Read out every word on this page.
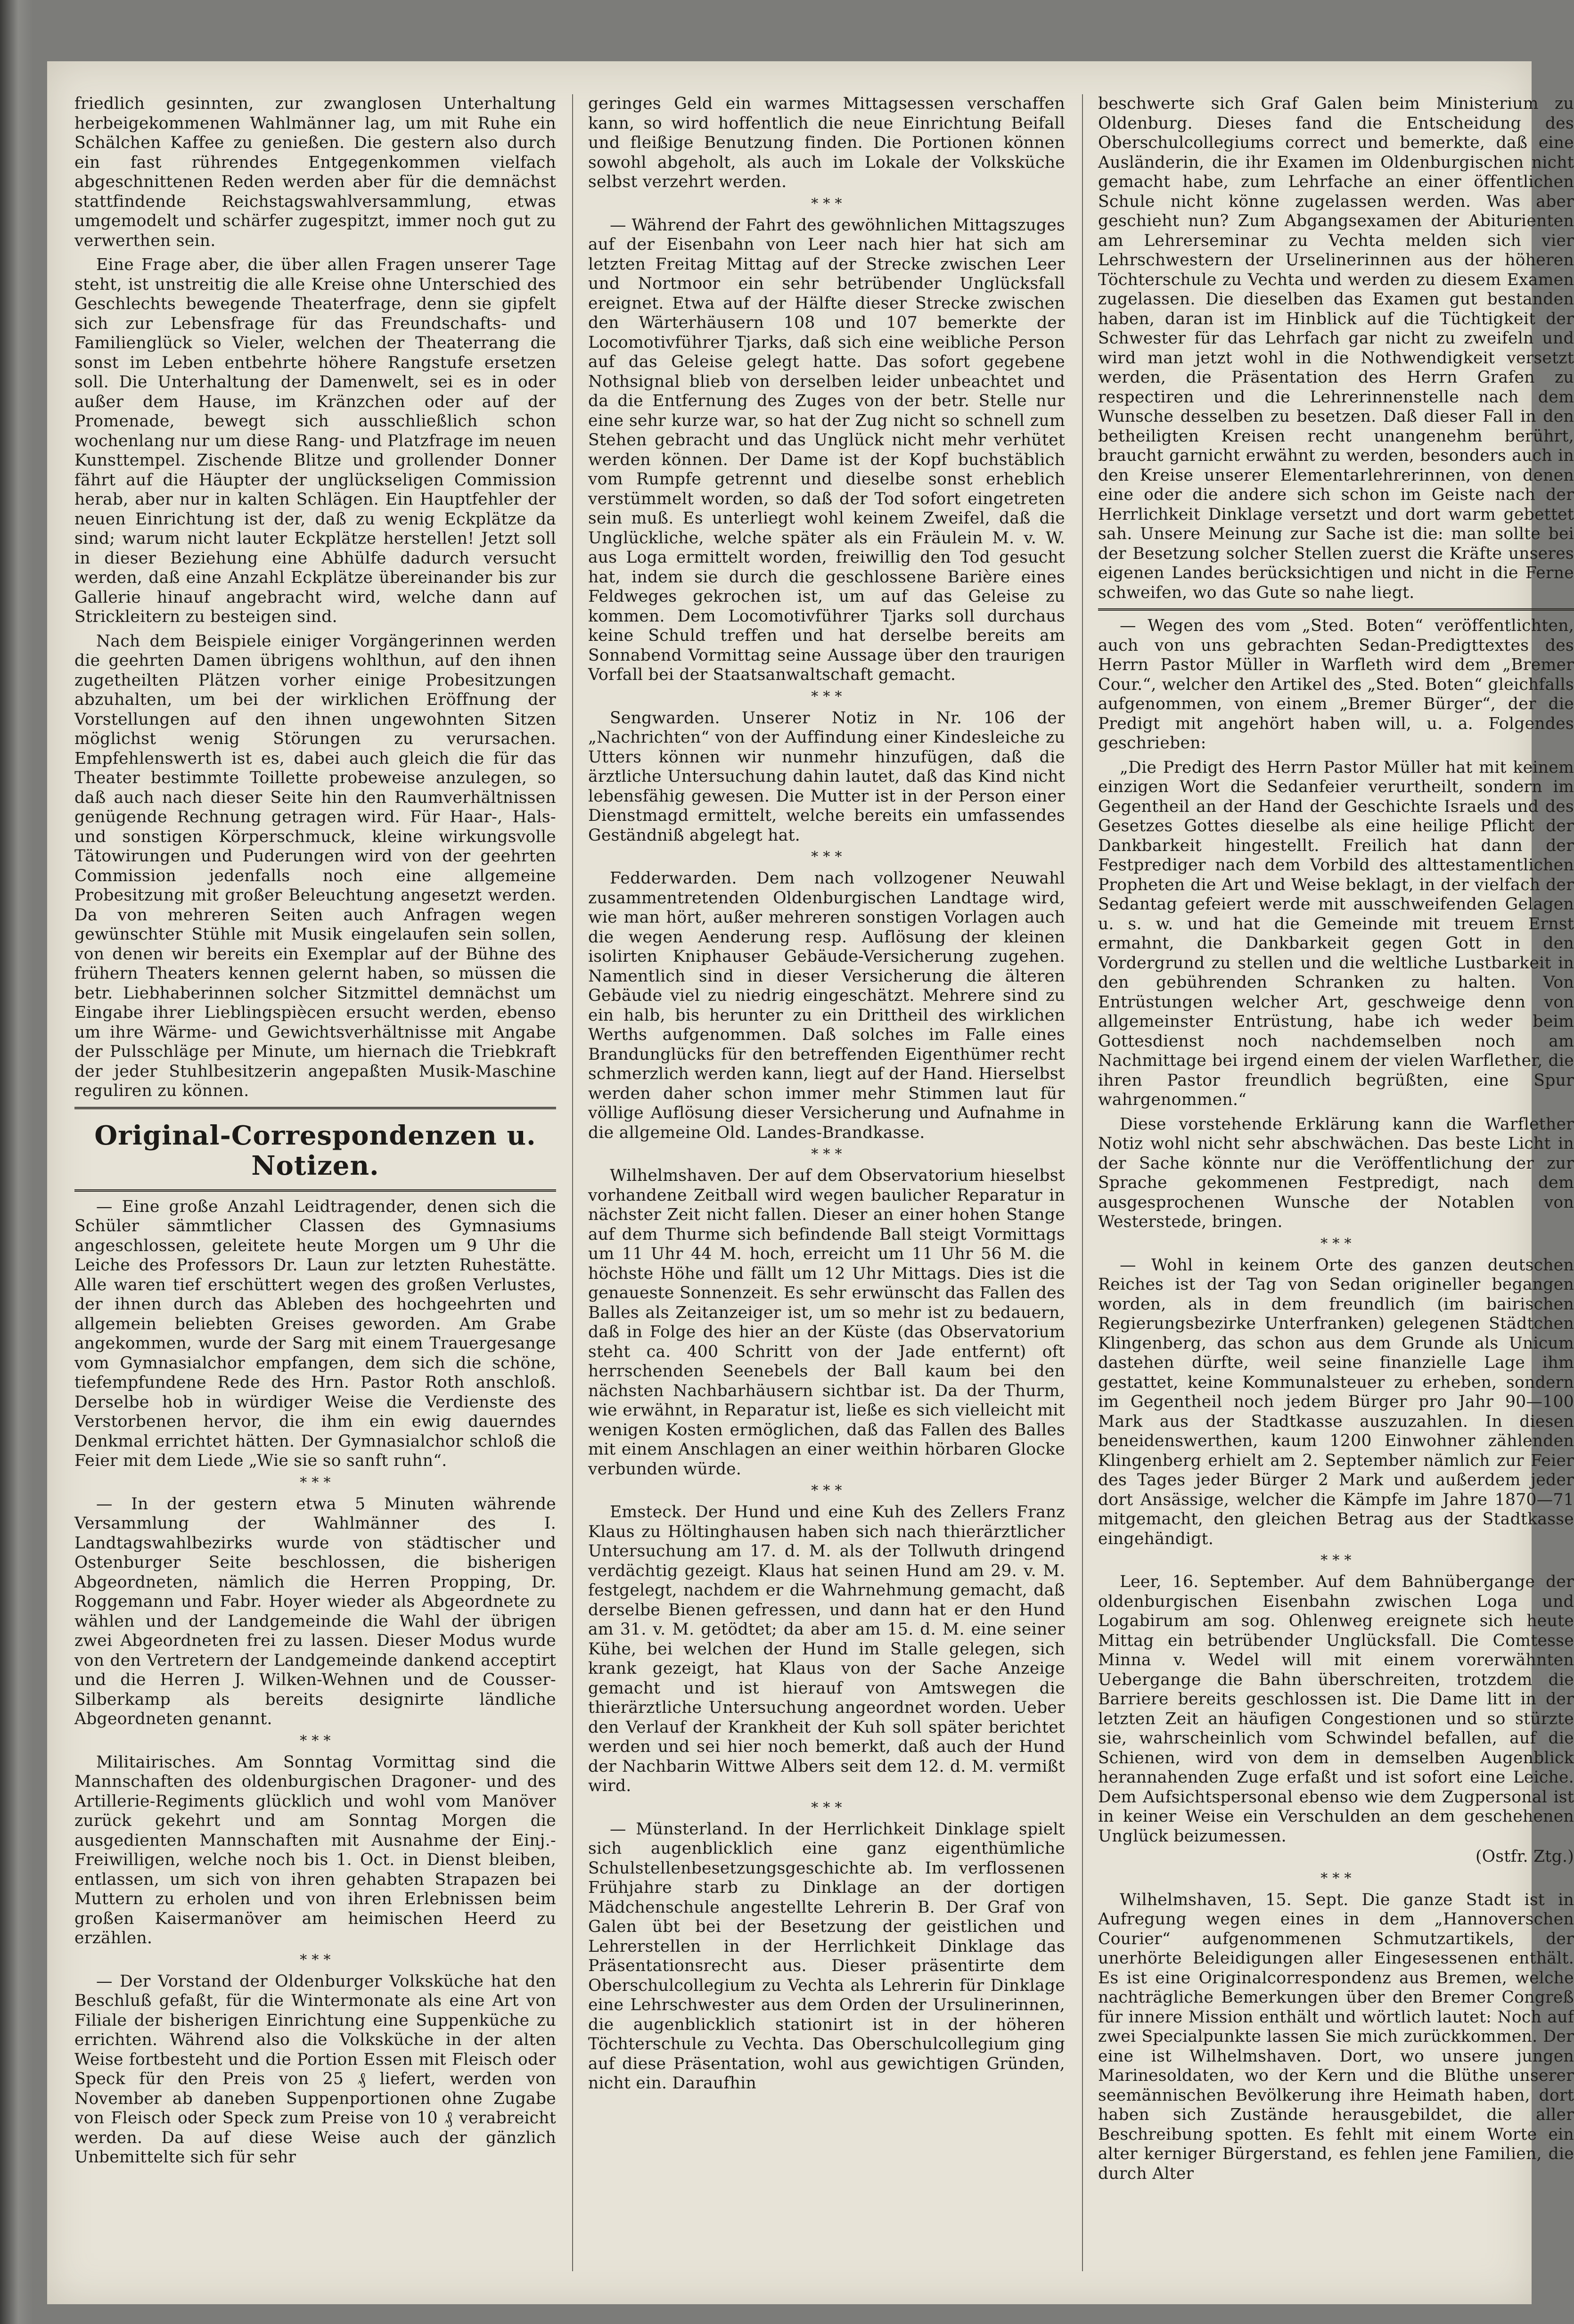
friedlich gesinnten, zur zwanglosen Unterhaltung herbeigekommenen Wahlmänner lag, um mit Ruhe ein Schälchen Kaffee zu genießen. Die gestern also durch ein fast rührendes Entgegenkommen vielfach abgeschnittenen Reden werden aber für die demnächst stattfindende Reichstagswahlversammlung, etwas umgemodelt und schärfer zugespitzt, immer noch gut zu verwerthen sein.

Eine Frage aber, die über allen Fragen unserer Tage steht, ist unstreitig die alle Kreise ohne Unterschied des Geschlechts bewegende Theaterfrage, denn sie gipfelt sich zur Lebensfrage für das Freundschafts- und Familienglück so Vieler, welchen der Theaterrang die sonst im Leben entbehrte höhere Rangstufe ersetzen soll. Die Unterhaltung der Damenwelt, sei es in oder außer dem Hause, im Kränzchen oder auf der Promenade, bewegt sich ausschließlich schon wochenlang nur um diese Rang- und Platzfrage im neuen Kunsttempel. Zischende Blitze und grollender Donner fährt auf die Häupter der unglückseligen Commission herab, aber nur in kalten Schlägen. Ein Hauptfehler der neuen Einrichtung ist der, daß zu wenig Eckplätze da sind; warum nicht lauter Eckplätze herstellen! Jetzt soll in dieser Beziehung eine Abhülfe dadurch versucht werden, daß eine Anzahl Eckplätze übereinander bis zur Gallerie hinauf angebracht wird, welche dann auf Strickleitern zu besteigen sind.

Nach dem Beispiele einiger Vorgängerinnen werden die geehrten Damen übrigens wohlthun, auf den ihnen zugetheilten Plätzen vorher einige Probesitzungen abzuhalten, um bei der wirklichen Eröffnung der Vorstellungen auf den ihnen ungewohnten Sitzen möglichst wenig Störungen zu verursachen. Empfehlenswerth ist es, dabei auch gleich die für das Theater bestimmte Toillette probeweise anzulegen, so daß auch nach dieser Seite hin den Raumverhältnissen genügende Rechnung getragen wird. Für Haar-, Hals- und sonstigen Körperschmuck, kleine wirkungsvolle Tätowirungen und Puderungen wird von der geehrten Commission jedenfalls noch eine allgemeine Probesitzung mit großer Beleuchtung angesetzt werden. Da von mehreren Seiten auch Anfragen wegen gewünschter Stühle mit Musik eingelaufen sein sollen, von denen wir bereits ein Exemplar auf der Bühne des frühern Theaters kennen gelernt haben, so müssen die betr. Liebhaberinnen solcher Sitzmittel demnächst um Eingabe ihrer Lieblingspiècen ersucht werden, ebenso um ihre Wärme- und Gewichtsverhältnisse mit Angabe der Pulsschläge per Minute, um hiernach die Triebkraft der jeder Stuhlbesitzerin angepaßten Musik-Maschine reguliren zu können.

Original-Correspondenzen u. Notizen.

— Eine große Anzahl Leidtragender, denen sich die Schüler sämmtlicher Classen des Gymnasiums angeschlossen, geleitete heute Morgen um 9 Uhr die Leiche des Professors Dr. Laun zur letzten Ruhestätte. Alle waren tief erschüttert wegen des großen Verlustes, der ihnen durch das Ableben des hochgeehrten und allgemein beliebten Greises geworden. Am Grabe angekommen, wurde der Sarg mit einem Trauergesange vom Gymnasialchor empfangen, dem sich die schöne, tiefempfundene Rede des Hrn. Pastor Roth anschloß. Derselbe hob in würdiger Weise die Verdienste des Verstorbenen hervor, die ihm ein ewig dauerndes Denkmal errichtet hätten. Der Gymnasialchor schloß die Feier mit dem Liede „Wie sie so sanft ruhn“.

* * *

— In der gestern etwa 5 Minuten währende Versammlung der Wahlmänner des I. Landtagswahlbezirks wurde von städtischer und Ostenburger Seite beschlossen, die bisherigen Abgeordneten, nämlich die Herren Propping, Dr. Roggemann und Fabr. Hoyer wieder als Abgeordnete zu wählen und der Landgemeinde die Wahl der übrigen zwei Abgeordneten frei zu lassen. Dieser Modus wurde von den Vertretern der Landgemeinde dankend acceptirt und die Herren J. Wilken-Wehnen und de Cousser-Silberkamp als bereits designirte ländliche Abgeordneten genannt.

* * *

Militairisches. Am Sonntag Vormittag sind die Mannschaften des oldenburgischen Dragoner- und des Artillerie-Regiments glücklich und wohl vom Manöver zurück gekehrt und am Sonntag Morgen die ausgedienten Mannschaften mit Ausnahme der Einj.-Freiwilligen, welche noch bis 1. Oct. in Dienst bleiben, entlassen, um sich von ihren gehabten Strapazen bei Muttern zu erholen und von ihren Erlebnissen beim großen Kaisermanöver am heimischen Heerd zu erzählen.

* * *

— Der Vorstand der Oldenburger Volksküche hat den Beschluß gefaßt, für die Wintermonate als eine Art von Filiale der bisherigen Einrichtung eine Suppenküche zu errichten. Während also die Volksküche in der alten Weise fortbesteht und die Portion Essen mit Fleisch oder Speck für den Preis von 25 ₰ liefert, werden von November ab daneben Suppenportionen ohne Zugabe von Fleisch oder Speck zum Preise von 10 ₰ verabreicht werden. Da auf diese Weise auch der gänzlich Unbemittelte sich für sehr

geringes Geld ein warmes Mittagsessen verschaffen kann, so wird hoffentlich die neue Einrichtung Beifall und fleißige Benutzung finden. Die Portionen können sowohl abgeholt, als auch im Lokale der Volksküche selbst verzehrt werden.

* * *

— Während der Fahrt des gewöhnlichen Mittagszuges auf der Eisenbahn von Leer nach hier hat sich am letzten Freitag Mittag auf der Strecke zwischen Leer und Nortmoor ein sehr betrübender Unglücksfall ereignet. Etwa auf der Hälfte dieser Strecke zwischen den Wärterhäusern 108 und 107 bemerkte der Locomotivführer Tjarks, daß sich eine weibliche Person auf das Geleise gelegt hatte. Das sofort gegebene Nothsignal blieb von derselben leider unbeachtet und da die Entfernung des Zuges von der betr. Stelle nur eine sehr kurze war, so hat der Zug nicht so schnell zum Stehen gebracht und das Unglück nicht mehr verhütet werden können. Der Dame ist der Kopf buchstäblich vom Rumpfe getrennt und dieselbe sonst erheblich verstümmelt worden, so daß der Tod sofort eingetreten sein muß. Es unterliegt wohl keinem Zweifel, daß die Unglückliche, welche später als ein Fräulein M. v. W. aus Loga ermittelt worden, freiwillig den Tod gesucht hat, indem sie durch die geschlossene Barière eines Feldweges gekrochen ist, um auf das Geleise zu kommen. Dem Locomotivführer Tjarks soll durchaus keine Schuld treffen und hat derselbe bereits am Sonnabend Vormittag seine Aussage über den traurigen Vorfall bei der Staatsanwaltschaft gemacht.

* * *

Sengwarden. Unserer Notiz in Nr. 106 der „Nachrichten“ von der Auffindung einer Kindesleiche zu Utters können wir nunmehr hinzufügen, daß die ärztliche Untersuchung dahin lautet, daß das Kind nicht lebensfähig gewesen. Die Mutter ist in der Person einer Dienstmagd ermittelt, welche bereits ein umfassendes Geständniß abgelegt hat.

* * *

Fedderwarden. Dem nach vollzogener Neuwahl zusammentretenden Oldenburgischen Landtage wird, wie man hört, außer mehreren sonstigen Vorlagen auch die wegen Aenderung resp. Auflösung der kleinen isolirten Kniphauser Gebäude-Versicherung zugehen. Namentlich sind in dieser Versicherung die älteren Gebäude viel zu niedrig eingeschätzt. Mehrere sind zu ein halb, bis herunter zu ein Drittheil des wirklichen Werths aufgenommen. Daß solches im Falle eines Brandunglücks für den betreffenden Eigenthümer recht schmerzlich werden kann, liegt auf der Hand. Hierselbst werden daher schon immer mehr Stimmen laut für völlige Auflösung dieser Versicherung und Aufnahme in die allgemeine Old. Landes-Brandkasse.

* * *

Wilhelmshaven. Der auf dem Observatorium hieselbst vorhandene Zeitball wird wegen baulicher Reparatur in nächster Zeit nicht fallen. Dieser an einer hohen Stange auf dem Thurme sich befindende Ball steigt Vormittags um 11 Uhr 44 M. hoch, erreicht um 11 Uhr 56 M. die höchste Höhe und fällt um 12 Uhr Mittags. Dies ist die genaueste Sonnenzeit. Es sehr erwünscht das Fallen des Balles als Zeitanzeiger ist, um so mehr ist zu bedauern, daß in Folge des hier an der Küste (das Observatorium steht ca. 400 Schritt von der Jade entfernt) oft herrschenden Seenebels der Ball kaum bei den nächsten Nachbarhäusern sichtbar ist. Da der Thurm, wie erwähnt, in Reparatur ist, ließe es sich vielleicht mit wenigen Kosten ermöglichen, daß das Fallen des Balles mit einem Anschlagen an einer weithin hörbaren Glocke verbunden würde.

* * *

Emsteck. Der Hund und eine Kuh des Zellers Franz Klaus zu Höltinghausen haben sich nach thierärztlicher Untersuchung am 17. d. M. als der Tollwuth dringend verdächtig gezeigt. Klaus hat seinen Hund am 29. v. M. festgelegt, nachdem er die Wahrnehmung gemacht, daß derselbe Bienen gefressen, und dann hat er den Hund am 31. v. M. getödtet; da aber am 15. d. M. eine seiner Kühe, bei welchen der Hund im Stalle gelegen, sich krank gezeigt, hat Klaus von der Sache Anzeige gemacht und ist hierauf von Amtswegen die thierärztliche Untersuchung angeordnet worden. Ueber den Verlauf der Krankheit der Kuh soll später berichtet werden und sei hier noch bemerkt, daß auch der Hund der Nachbarin Wittwe Albers seit dem 12. d. M. vermißt wird.

* * *

— Münsterland. In der Herrlichkeit Dinklage spielt sich augenblicklich eine ganz eigenthümliche Schulstellenbesetzungsgeschichte ab. Im verflossenen Frühjahre starb zu Dinklage an der dortigen Mädchenschule angestellte Lehrerin B. Der Graf von Galen übt bei der Besetzung der geistlichen und Lehrerstellen in der Herrlichkeit Dinklage das Präsentationsrecht aus. Dieser präsentirte dem Oberschulcollegium zu Vechta als Lehrerin für Dinklage eine Lehrschwester aus dem Orden der Ursulinerinnen, die augenblicklich stationirt ist in der höheren Töchterschule zu Vechta. Das Oberschulcollegium ging auf diese Präsentation, wohl aus gewichtigen Gründen, nicht ein. Daraufhin

beschwerte sich Graf Galen beim Ministerium zu Oldenburg. Dieses fand die Entscheidung des Oberschulcollegiums correct und bemerkte, daß eine Ausländerin, die ihr Examen im Oldenburgischen nicht gemacht habe, zum Lehrfache an einer öffentlichen Schule nicht könne zugelassen werden. Was aber geschieht nun? Zum Abgangsexamen der Abiturienten am Lehrerseminar zu Vechta melden sich vier Lehrschwestern der Urselinerinnen aus der höheren Töchterschule zu Vechta und werden zu diesem Examen zugelassen. Die dieselben das Examen gut bestanden haben, daran ist im Hinblick auf die Tüchtigkeit der Schwester für das Lehrfach gar nicht zu zweifeln und wird man jetzt wohl in die Nothwendigkeit versetzt werden, die Präsentation des Herrn Grafen zu respectiren und die Lehrerinnenstelle nach dem Wunsche desselben zu besetzen. Daß dieser Fall in den betheiligten Kreisen recht unangenehm berührt, braucht garnicht erwähnt zu werden, besonders auch in den Kreise unserer Elementarlehrerinnen, von denen eine oder die andere sich schon im Geiste nach der Herrlichkeit Dinklage versetzt und dort warm gebettet sah. Unsere Meinung zur Sache ist die: man sollte bei der Besetzung solcher Stellen zuerst die Kräfte unseres eigenen Landes berücksichtigen und nicht in die Ferne schweifen, wo das Gute so nahe liegt.

— Wegen des vom „Sted. Boten“ veröffentlichten, auch von uns gebrachten Sedan-Predigttextes des Herrn Pastor Müller in Warfleth wird dem „Bremer Cour.“, welcher den Artikel des „Sted. Boten“ gleichfalls aufgenommen, von einem „Bremer Bürger“, der die Predigt mit angehört haben will, u. a. Folgendes geschrieben:

„Die Predigt des Herrn Pastor Müller hat mit keinem einzigen Wort die Sedanfeier verurtheilt, sondern im Gegentheil an der Hand der Geschichte Israels und des Gesetzes Gottes dieselbe als eine heilige Pflicht der Dankbarkeit hingestellt. Freilich hat dann der Festprediger nach dem Vorbild des alttestamentlichen Propheten die Art und Weise beklagt, in der vielfach der Sedantag gefeiert werde mit ausschweifenden Gelagen u. s. w. und hat die Gemeinde mit treuem Ernst ermahnt, die Dankbarkeit gegen Gott in den Vordergrund zu stellen und die weltliche Lustbarkeit in den gebührenden Schranken zu halten. Von Entrüstungen welcher Art, geschweige denn von allgemeinster Entrüstung, habe ich weder beim Gottesdienst noch nachdemselben noch am Nachmittage bei irgend einem der vielen Warflether, die ihren Pastor freundlich begrüßten, eine Spur wahrgenommen.“

Diese vorstehende Erklärung kann die Warflether Notiz wohl nicht sehr abschwächen. Das beste Licht in der Sache könnte nur die Veröffentlichung der zur Sprache gekommenen Festpredigt, nach dem ausgesprochenen Wunsche der Notablen von Westerstede, bringen.

* * *

— Wohl in keinem Orte des ganzen deutschen Reiches ist der Tag von Sedan origineller begangen worden, als in dem freundlich (im bairischen Regierungsbezirke Unterfranken) gelegenen Städtchen Klingenberg, das schon aus dem Grunde als Unicum dastehen dürfte, weil seine finanzielle Lage ihm gestattet, keine Kommunalsteuer zu erheben, sondern im Gegentheil noch jedem Bürger pro Jahr 90—100 Mark aus der Stadtkasse auszuzahlen. In diesen beneidenswerthen, kaum 1200 Einwohner zählenden Klingenberg erhielt am 2. September nämlich zur Feier des Tages jeder Bürger 2 Mark und außerdem jeder dort Ansässige, welcher die Kämpfe im Jahre 1870—71 mitgemacht, den gleichen Betrag aus der Stadtkasse eingehändigt.

* * *

Leer, 16. September. Auf dem Bahnübergange der oldenburgischen Eisenbahn zwischen Loga und Logabirum am sog. Ohlenweg ereignete sich heute Mittag ein betrübender Unglücksfall. Die Comtesse Minna v. Wedel will mit einem vorerwähnten Uebergange die Bahn überschreiten, trotzdem die Barriere bereits geschlossen ist. Die Dame litt in der letzten Zeit an häufigen Congestionen und so stürzte sie, wahrscheinlich vom Schwindel befallen, auf die Schienen, wird von dem in demselben Augenblick herannahenden Zuge erfaßt und ist sofort eine Leiche. Dem Aufsichtspersonal ebenso wie dem Zugpersonal ist in keiner Weise ein Verschulden an dem geschehenen Unglück beizumessen.

(Ostfr. Ztg.)
* * *

Wilhelmshaven, 15. Sept. Die ganze Stadt ist in Aufregung wegen eines in dem „Hannoverschen Courier“ aufgenommenen Schmutzartikels, der unerhörte Beleidigungen aller Eingesessenen enthält. Es ist eine Originalcorrespondenz aus Bremen, welche nachträgliche Bemerkungen über den Bremer Congreß für innere Mission enthält und wörtlich lautet: Noch auf zwei Specialpunkte lassen Sie mich zurückkommen. Der eine ist Wilhelmshaven. Dort, wo unsere jungen Marinesoldaten, wo der Kern und die Blüthe unserer seemännischen Bevölkerung ihre Heimath haben, dort haben sich Zustände herausgebildet, die aller Beschreibung spotten. Es fehlt mit einem Worte ein alter kerniger Bürgerstand, es fehlen jene Familien, die durch Alter
